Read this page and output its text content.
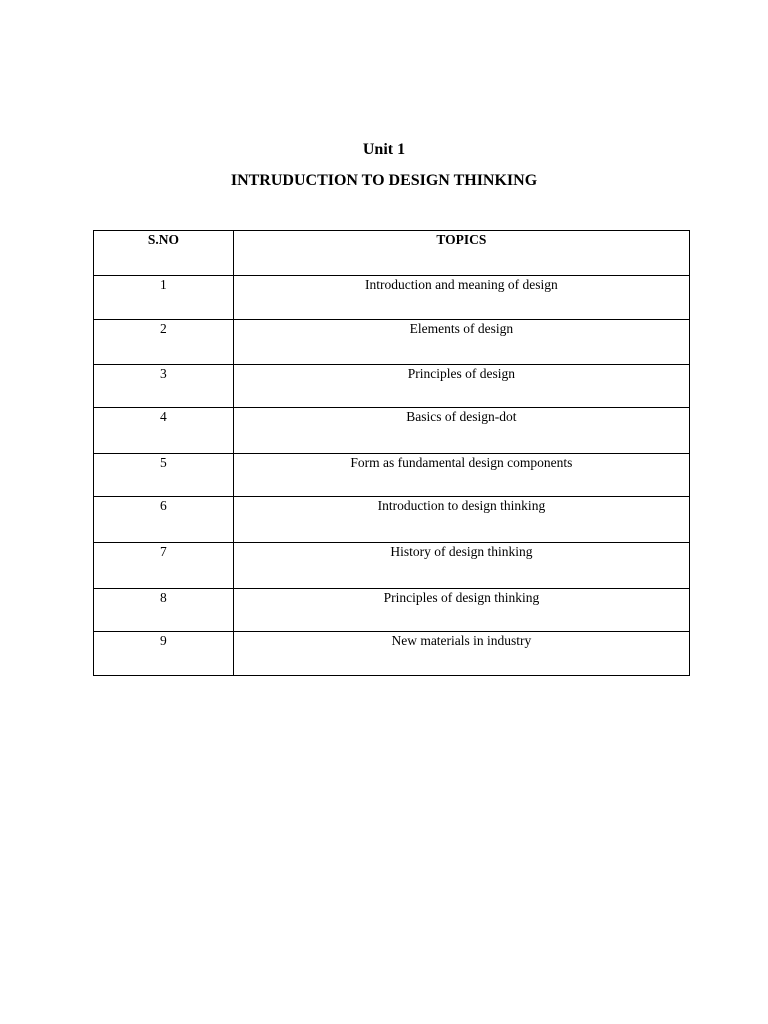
Unit 1
INTRUDUCTION TO DESIGN THINKING
S.NO	TOPICS

1	Introduction and meaning of design

2	Elements of design

3	Principles of design

4	Basics of design-dot

5	Form as fundamental design components

6	Introduction to design thinking

7	History of design thinking

8	Principles of design thinking

9	New materials in industry
